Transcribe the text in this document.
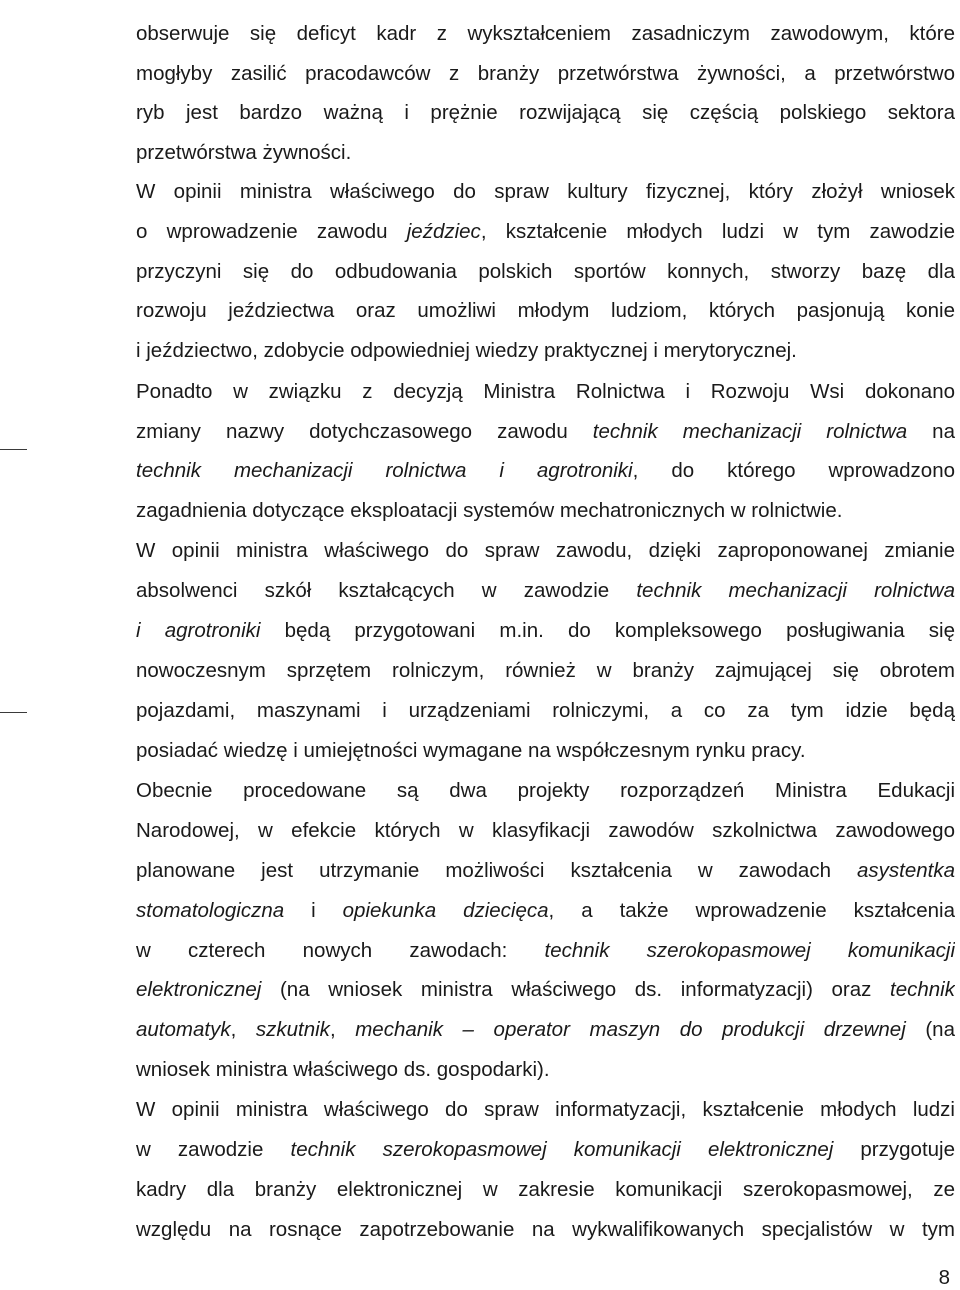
obserwuje się deficyt kadr z wykształceniem zasadniczym zawodowym, które
mogłyby zasilić pracodawców z branży przetwórstwa żywności, a przetwórstwo
ryb jest bardzo ważną i prężnie rozwijającą się częścią polskiego sektora
przetwórstwa żywności.
W opinii ministra właściwego do spraw kultury fizycznej, który złożył wniosek
o wprowadzenie zawodu jeździec, kształcenie młodych ludzi w tym zawodzie
przyczyni się do odbudowania polskich sportów konnych, stworzy bazę dla
rozwoju jeździectwa oraz umożliwi młodym ludziom, których pasjonują konie
i jeździectwo, zdobycie odpowiedniej wiedzy praktycznej i merytorycznej.
Ponadto w związku z decyzją Ministra Rolnictwa i Rozwoju Wsi dokonano
zmiany nazwy dotychczasowego zawodu technik mechanizacji rolnictwa na
technik mechanizacji rolnictwa i agrotroniki, do którego wprowadzono
zagadnienia dotyczące eksploatacji systemów mechatronicznych w rolnictwie.
W opinii ministra właściwego do spraw zawodu, dzięki zaproponowanej zmianie
absolwenci szkół kształcących w zawodzie technik mechanizacji rolnictwa
i agrotroniki będą przygotowani m.in. do kompleksowego posługiwania się
nowoczesnym sprzętem rolniczym, również w branży zajmującej się obrotem
pojazdami, maszynami i urządzeniami rolniczymi, a co za tym idzie będą
posiadać wiedzę i umiejętności wymagane na współczesnym rynku pracy.
Obecnie procedowane są dwa projekty rozporządzeń Ministra Edukacji
Narodowej, w efekcie których w klasyfikacji zawodów szkolnictwa zawodowego
planowane jest utrzymanie możliwości kształcenia w zawodach asystentka
stomatologiczna i opiekunka dziecięca, a także wprowadzenie kształcenia
w czterech nowych zawodach: technik szerokopasmowej komunikacji
elektronicznej (na wniosek ministra właściwego ds. informatyzacji) oraz technik
automatyk, szkutnik, mechanik – operator maszyn do produkcji drzewnej (na
wniosek ministra właściwego ds. gospodarki).
W opinii ministra właściwego do spraw informatyzacji, kształcenie młodych ludzi
w zawodzie technik szerokopasmowej komunikacji elektronicznej przygotuje
kadry dla branży elektronicznej w zakresie komunikacji szerokopasmowej, ze
względu na rosnące zapotrzebowanie na wykwalifikowanych specjalistów w tym
8
